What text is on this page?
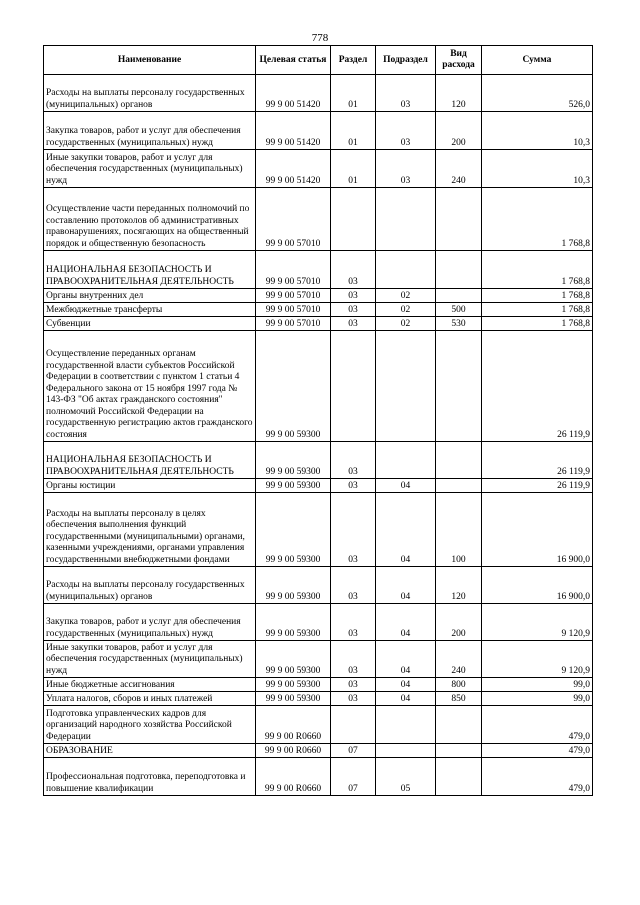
778
Наименование	Целевая статья	Раздел	Подраздел	Вид расхода	Сумма
Расходы на выплаты персоналу государственных (муниципальных) органов	99 9 00 51420	01	03	120	526,0
Закупка товаров, работ и услуг для обеспечения государственных (муниципальных) нужд	99 9 00 51420	01	03	200	10,3
Иные закупки товаров, работ и услуг для обеспечения государственных (муниципальных) нужд	99 9 00 51420	01	03	240	10,3
Осуществление части переданных полномочий по составлению протоколов об административных правонарушениях, посягающих на общественный порядок и общественную безопасность	99 9 00 57010				1 768,8
НАЦИОНАЛЬНАЯ БЕЗОПАСНОСТЬ И ПРАВООХРАНИТЕЛЬНАЯ ДЕЯТЕЛЬНОСТЬ	99 9 00 57010	03			1 768,8
Органы внутренних дел	99 9 00 57010	03	02		1 768,8
Межбюджетные трансферты	99 9 00 57010	03	02	500	1 768,8
Субвенции	99 9 00 57010	03	02	530	1 768,8
Осуществление переданных органам государственной власти субъектов Российской Федерации в соответствии с пунктом 1 статьи 4 Федерального закона от 15 ноября 1997 года № 143-ФЗ "Об актах гражданского состояния" полномочий Российской Федерации на государственную регистрацию актов гражданского состояния	99 9 00 59300				26 119,9
НАЦИОНАЛЬНАЯ БЕЗОПАСНОСТЬ И ПРАВООХРАНИТЕЛЬНАЯ ДЕЯТЕЛЬНОСТЬ	99 9 00 59300	03			26 119,9
Органы юстиции	99 9 00 59300	03	04		26 119,9
Расходы на выплаты персоналу в целях обеспечения выполнения функций государственными (муниципальными) органами, казенными учреждениями, органами управления государственными внебюджетными фондами	99 9 00 59300	03	04	100	16 900,0
Расходы на выплаты персоналу государственных (муниципальных) органов	99 9 00 59300	03	04	120	16 900,0
Закупка товаров, работ и услуг для обеспечения государственных (муниципальных) нужд	99 9 00 59300	03	04	200	9 120,9
Иные закупки товаров, работ и услуг для обеспечения государственных (муниципальных) нужд	99 9 00 59300	03	04	240	9 120,9
Иные бюджетные ассигнования	99 9 00 59300	03	04	800	99,0
Уплата налогов, сборов и иных платежей	99 9 00 59300	03	04	850	99,0
Подготовка управленческих кадров для организаций народного хозяйства Российской Федерации	99 9 00 R0660				479,0
ОБРАЗОВАНИЕ	99 9 00 R0660	07			479,0
Профессиональная подготовка, переподготовка и повышение квалификации	99 9 00 R0660	07	05		479,0
